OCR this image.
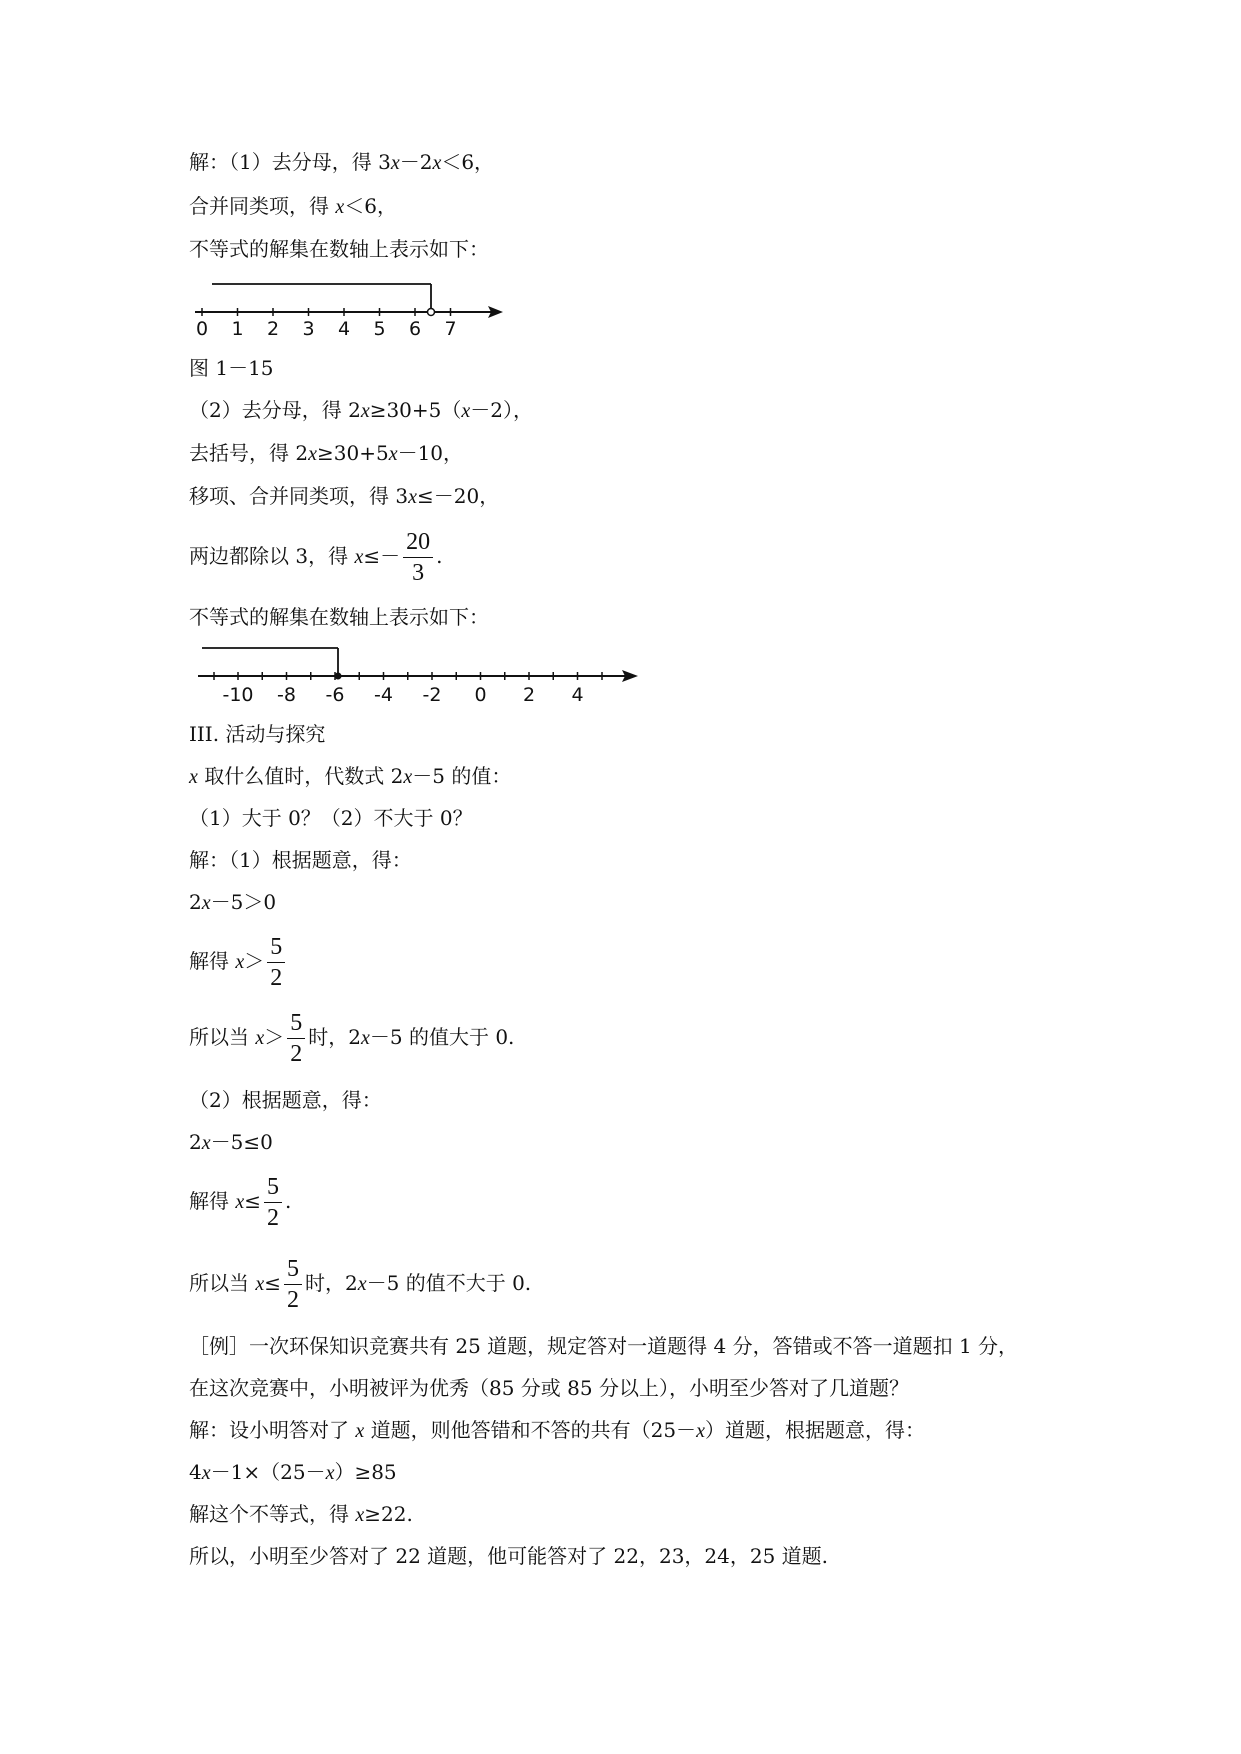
解：（1）去分母，得 3x－2x＜6，
合并同类项，得 x＜6，
不等式的解集在数轴上表示如下：
0 1 2 3 4 5 6 7
图 1－15
（2）去分母，得 2x≥30+5（x－2），
去括号，得 2x≥30+5x－10，
移项、合并同类项，得 3x≤－20，
两边都除以 3，得 $x\le- \frac{20}{3}$ .
不等式的解集在数轴上表示如下：
-10 -8 -6 -4 -2 0 2 4
III. 活动与探究
x 取什么值时，代数式 2x－5 的值：
（1）大于 0？（2）不大于 0？
解：（1）根据题意，得：
2x－5＞0
解得 $x> \frac{5}{2}$
所以当 $x> \frac{5}{2}$ 时，2x－5 的值大于 0.
（2）根据题意，得：
2x－5≤0
解得 $x\le \frac{5}{2}$ .
所以当 $x\le \frac{5}{2}$ 时，2x－5 的值不大于 0.
［例］一次环保知识竞赛共有 25 道题，规定答对一道题得 4 分，答错或不答一道题扣 1 分，
在这次竞赛中，小明被评为优秀（85 分或 85 分以上），小明至少答对了几道题？
解：设小明答对了 x 道题，则他答错和不答的共有（25－x）道题，根据题意，得：
4x－1×（25－x）≥85
解这个不等式，得 x≥22.
所以，小明至少答对了 22 道题，他可能答对了 22，23，24，25 道题.
